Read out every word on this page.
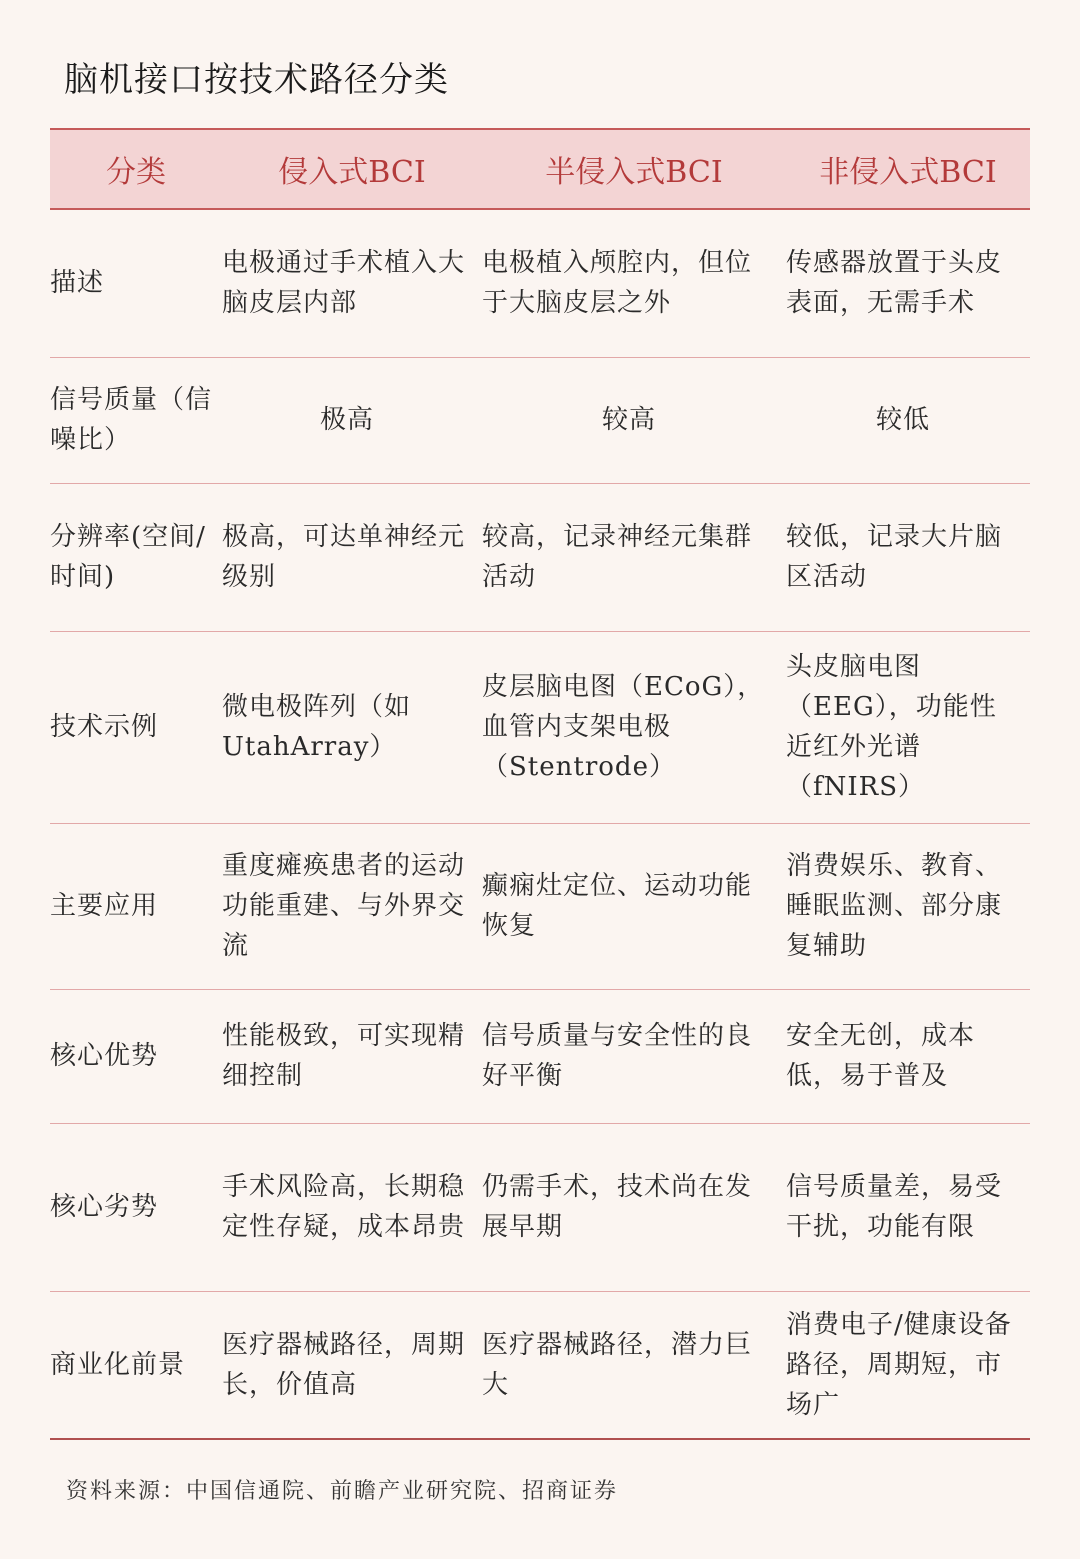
脑机接口按技术路径分类
分类	侵入式BCI	半侵入式BCI	非侵入式BCI
描述	电极通过手术植入大脑皮层内部	电极植入颅腔内，但位于大脑皮层之外	传感器放置于头皮表面，无需手术
信号质量（信噪比）	极高	较高	较低
分辨率(空间/时间)	极高，可达单神经元级别	较高，记录神经元集群活动	较低，记录大片脑区活动
技术示例	微电极阵列（如UtahArray）	皮层脑电图（ECoG），血管内支架电极（Stentrode）	头皮脑电图（EEG），功能性近红外光谱（fNIRS）
主要应用	重度瘫痪患者的运动功能重建、与外界交流	癫痫灶定位、运动功能恢复	消费娱乐、教育、睡眠监测、部分康复辅助
核心优势	性能极致，可实现精细控制	信号质量与安全性的良好平衡	安全无创，成本低，易于普及
核心劣势	手术风险高，长期稳定性存疑，成本昂贵	仍需手术，技术尚在发展早期	信号质量差，易受干扰，功能有限
商业化前景	医疗器械路径，周期长，价值高	医疗器械路径，潜力巨大	消费电子/健康设备路径，周期短，市场广
资料来源：中国信通院、前瞻产业研究院、招商证券
